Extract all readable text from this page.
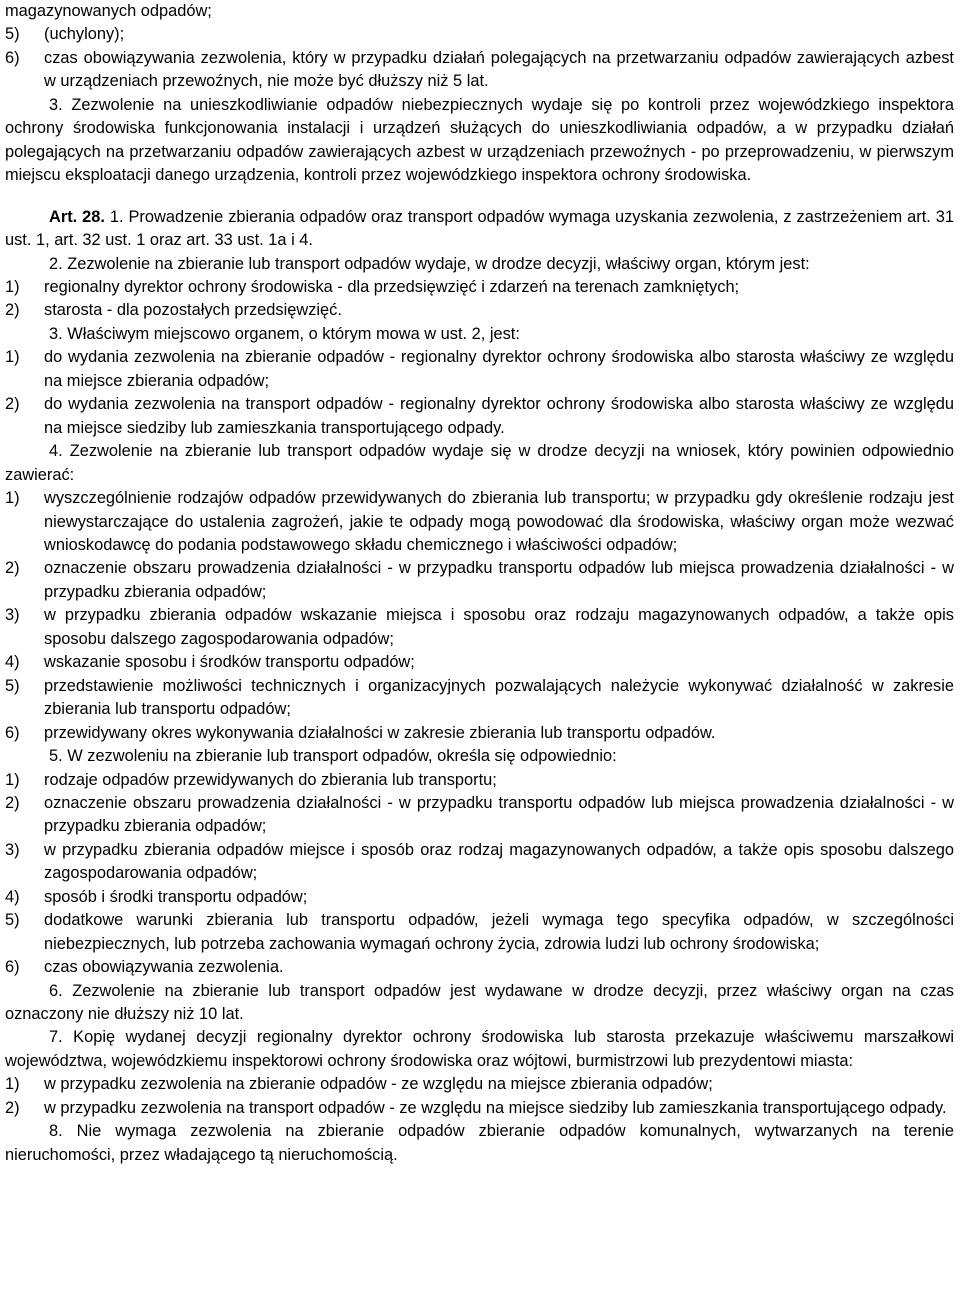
magazynowanych odpadów;
5)	(uchylony);
6)	czas obowiązywania zezwolenia, który w przypadku działań polegających na przetwarzaniu odpadów zawierających azbest w urządzeniach przewoźnych, nie może być dłuższy niż 5 lat.
3. Zezwolenie na unieszkodliwianie odpadów niebezpiecznych wydaje się po kontroli przez wojewódzkiego inspektora ochrony środowiska funkcjonowania instalacji i urządzeń służących do unieszkodliwiania odpadów, a w przypadku działań polegających na przetwarzaniu odpadów zawierających azbest w urządzeniach przewoźnych - po przeprowadzeniu, w pierwszym miejscu eksploatacji danego urządzenia, kontroli przez wojewódzkiego inspektora ochrony środowiska.
Art. 28. 1. Prowadzenie zbierania odpadów oraz transport odpadów wymaga uzyskania zezwolenia, z zastrzeżeniem art. 31 ust. 1, art. 32 ust. 1 oraz art. 33 ust. 1a i 4.
2. Zezwolenie na zbieranie lub transport odpadów wydaje, w drodze decyzji, właściwy organ, którym jest:
1)	regionalny dyrektor ochrony środowiska - dla przedsięwzięć i zdarzeń na terenach zamkniętych;
2)	starosta - dla pozostałych przedsięwzięć.
3. Właściwym miejscowo organem, o którym mowa w ust. 2, jest:
1)	do wydania zezwolenia na zbieranie odpadów - regionalny dyrektor ochrony środowiska albo starosta właściwy ze względu na miejsce zbierania odpadów;
2)	do wydania zezwolenia na transport odpadów - regionalny dyrektor ochrony środowiska albo starosta właściwy ze względu na miejsce siedziby lub zamieszkania transportującego odpady.
4. Zezwolenie na zbieranie lub transport odpadów wydaje się w drodze decyzji na wniosek, który powinien odpowiednio zawierać:
1)	wyszczególnienie rodzajów odpadów przewidywanych do zbierania lub transportu; w przypadku gdy określenie rodzaju jest niewystarczające do ustalenia zagrożeń, jakie te odpady mogą powodować dla środowiska, właściwy organ może wezwać wnioskodawcę do podania podstawowego składu chemicznego i właściwości odpadów;
2)	oznaczenie obszaru prowadzenia działalności - w przypadku transportu odpadów lub miejsca prowadzenia działalności - w przypadku zbierania odpadów;
3)	w przypadku zbierania odpadów wskazanie miejsca i sposobu oraz rodzaju magazynowanych odpadów, a także opis sposobu dalszego zagospodarowania odpadów;
4)	wskazanie sposobu i środków transportu odpadów;
5)	przedstawienie możliwości technicznych i organizacyjnych pozwalających należycie wykonywać działalność w zakresie zbierania lub transportu odpadów;
6)	przewidywany okres wykonywania działalności w zakresie zbierania lub transportu odpadów.
5. W zezwoleniu na zbieranie lub transport odpadów, określa się odpowiednio:
1)	rodzaje odpadów przewidywanych do zbierania lub transportu;
2)	oznaczenie obszaru prowadzenia działalności - w przypadku transportu odpadów lub miejsca prowadzenia działalności - w przypadku zbierania odpadów;
3)	w przypadku zbierania odpadów miejsce i sposób oraz rodzaj magazynowanych odpadów, a także opis sposobu dalszego zagospodarowania odpadów;
4)	sposób i środki transportu odpadów;
5)	dodatkowe warunki zbierania lub transportu odpadów, jeżeli wymaga tego specyfika odpadów, w szczególności niebezpiecznych, lub potrzeba zachowania wymagań ochrony życia, zdrowia ludzi lub ochrony środowiska;
6)	czas obowiązywania zezwolenia.
6. Zezwolenie na zbieranie lub transport odpadów jest wydawane w drodze decyzji, przez właściwy organ na czas oznaczony nie dłuższy niż 10 lat.
7. Kopię wydanej decyzji regionalny dyrektor ochrony środowiska lub starosta przekazuje właściwemu marszałkowi województwa, wojewódzkiemu inspektorowi ochrony środowiska oraz wójtowi, burmistrzowi lub prezydentowi miasta:
1)	w przypadku zezwolenia na zbieranie odpadów - ze względu na miejsce zbierania odpadów;
2)	w przypadku zezwolenia na transport odpadów - ze względu na miejsce siedziby lub zamieszkania transportującego odpady.
8. Nie wymaga zezwolenia na zbieranie odpadów zbieranie odpadów komunalnych, wytwarzanych na terenie nieruchomości, przez władającego tą nieruchomością.
